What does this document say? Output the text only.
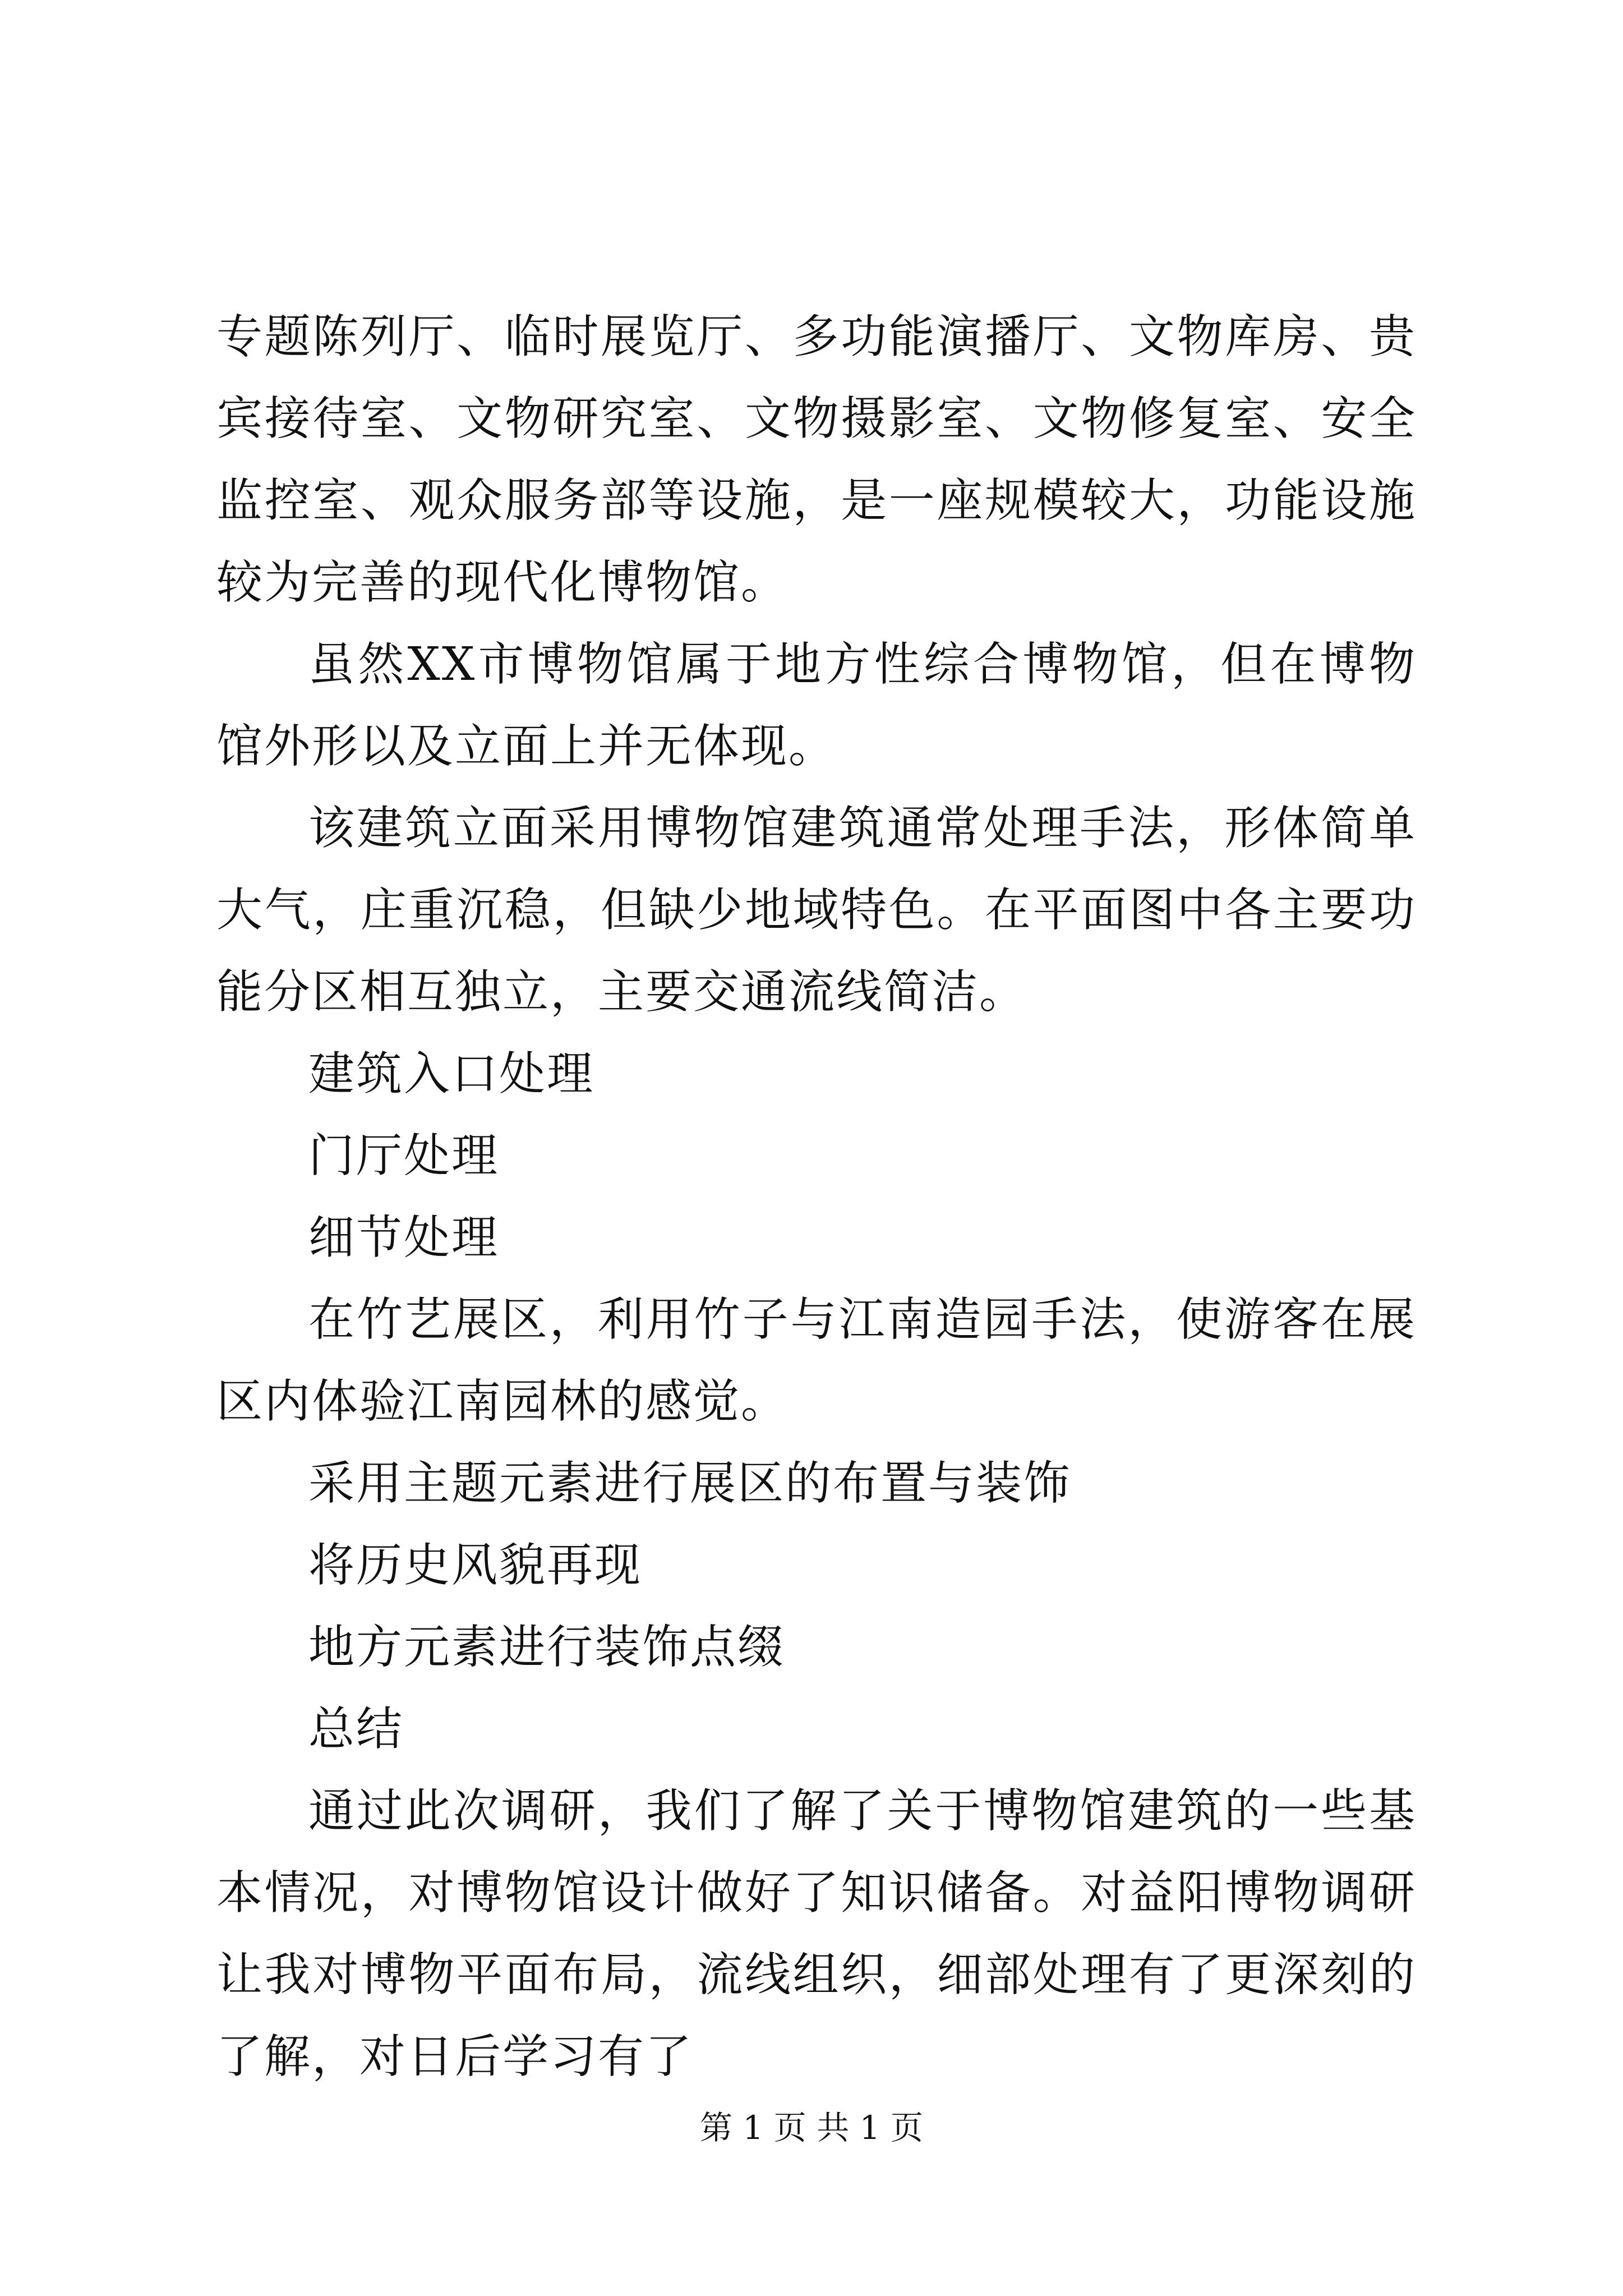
专题陈列厅、临时展览厅、多功能演播厅、文物库房、贵宾接待室、文物研究室、文物摄影室、文物修复室、安全监控室、观众服务部等设施，是一座规模较大，功能设施较为完善的现代化博物馆。

虽然XX市博物馆属于地方性综合博物馆，但在博物馆外形以及立面上并无体现。

该建筑立面采用博物馆建筑通常处理手法，形体简单大气，庄重沉稳，但缺少地域特色。在平面图中各主要功能分区相互独立，主要交通流线简洁。

建筑入口处理

门厅处理

细节处理

在竹艺展区，利用竹子与江南造园手法，使游客在展区内体验江南园林的感觉。

采用主题元素进行展区的布置与装饰

将历史风貌再现

地方元素进行装饰点缀

总结

通过此次调研，我们了解了关于博物馆建筑的一些基本情况，对博物馆设计做好了知识储备。对益阳博物调研让我对博物平面布局，流线组织，细部处理有了更深刻的了解，对日后学习有了

第 1 页 共 1 页
